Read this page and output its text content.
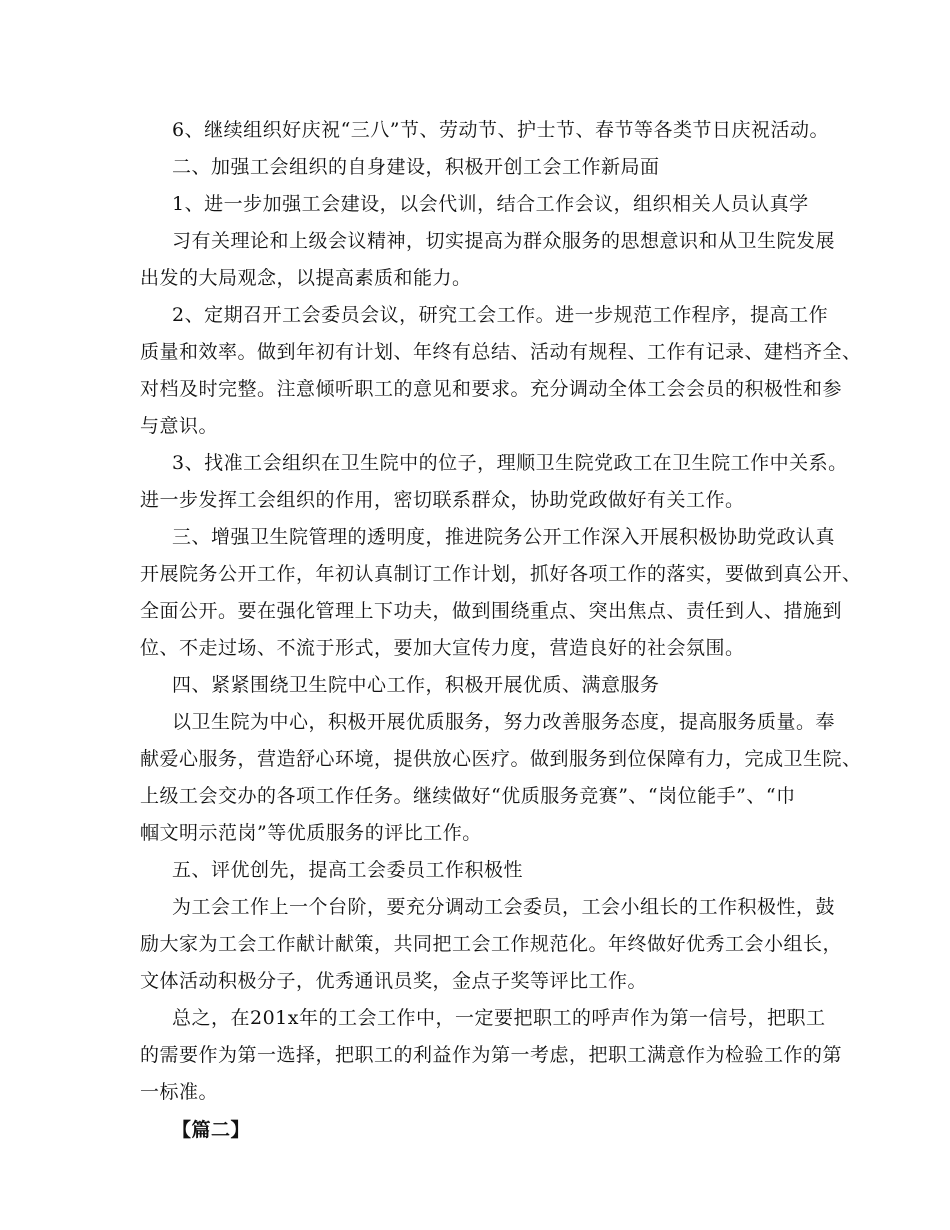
6、继续组织好庆祝“三八”节、劳动节、护士节、春节等各类节日庆祝活动。
二、加强工会组织的自身建设，积极开创工会工作新局面
1、进一步加强工会建设，以会代训，结合工作会议，组织相关人员认真学
习有关理论和上级会议精神，切实提高为群众服务的思想意识和从卫生院发展
出发的大局观念，以提高素质和能力。
2、定期召开工会委员会议，研究工会工作。进一步规范工作程序，提高工作
质量和效率。做到年初有计划、年终有总结、活动有规程、工作有记录、建档齐全、
对档及时完整。注意倾听职工的意见和要求。充分调动全体工会会员的积极性和参
与意识。
3、找准工会组织在卫生院中的位子，理顺卫生院党政工在卫生院工作中关系。
进一步发挥工会组织的作用，密切联系群众，协助党政做好有关工作。
三、增强卫生院管理的透明度，推进院务公开工作深入开展积极协助党政认真
开展院务公开工作，年初认真制订工作计划，抓好各项工作的落实，要做到真公开、
全面公开。要在强化管理上下功夫，做到围绕重点、突出焦点、责任到人、措施到
位、不走过场、不流于形式，要加大宣传力度，营造良好的社会氛围。
四、紧紧围绕卫生院中心工作，积极开展优质、满意服务
以卫生院为中心，积极开展优质服务，努力改善服务态度，提高服务质量。奉
献爱心服务，营造舒心环境，提供放心医疗。做到服务到位保障有力，完成卫生院、
上级工会交办的各项工作任务。继续做好“优质服务竞赛”、“岗位能手”、“巾
帼文明示范岗”等优质服务的评比工作。
五、评优创先，提高工会委员工作积极性
为工会工作上一个台阶，要充分调动工会委员，工会小组长的工作积极性，鼓
励大家为工会工作献计献策，共同把工会工作规范化。年终做好优秀工会小组长，
文体活动积极分子，优秀通讯员奖，金点子奖等评比工作。
总之，在201x年的工会工作中，一定要把职工的呼声作为第一信号，把职工
的需要作为第一选择，把职工的利益作为第一考虑，把职工满意作为检验工作的第
一标准。
【篇二】
